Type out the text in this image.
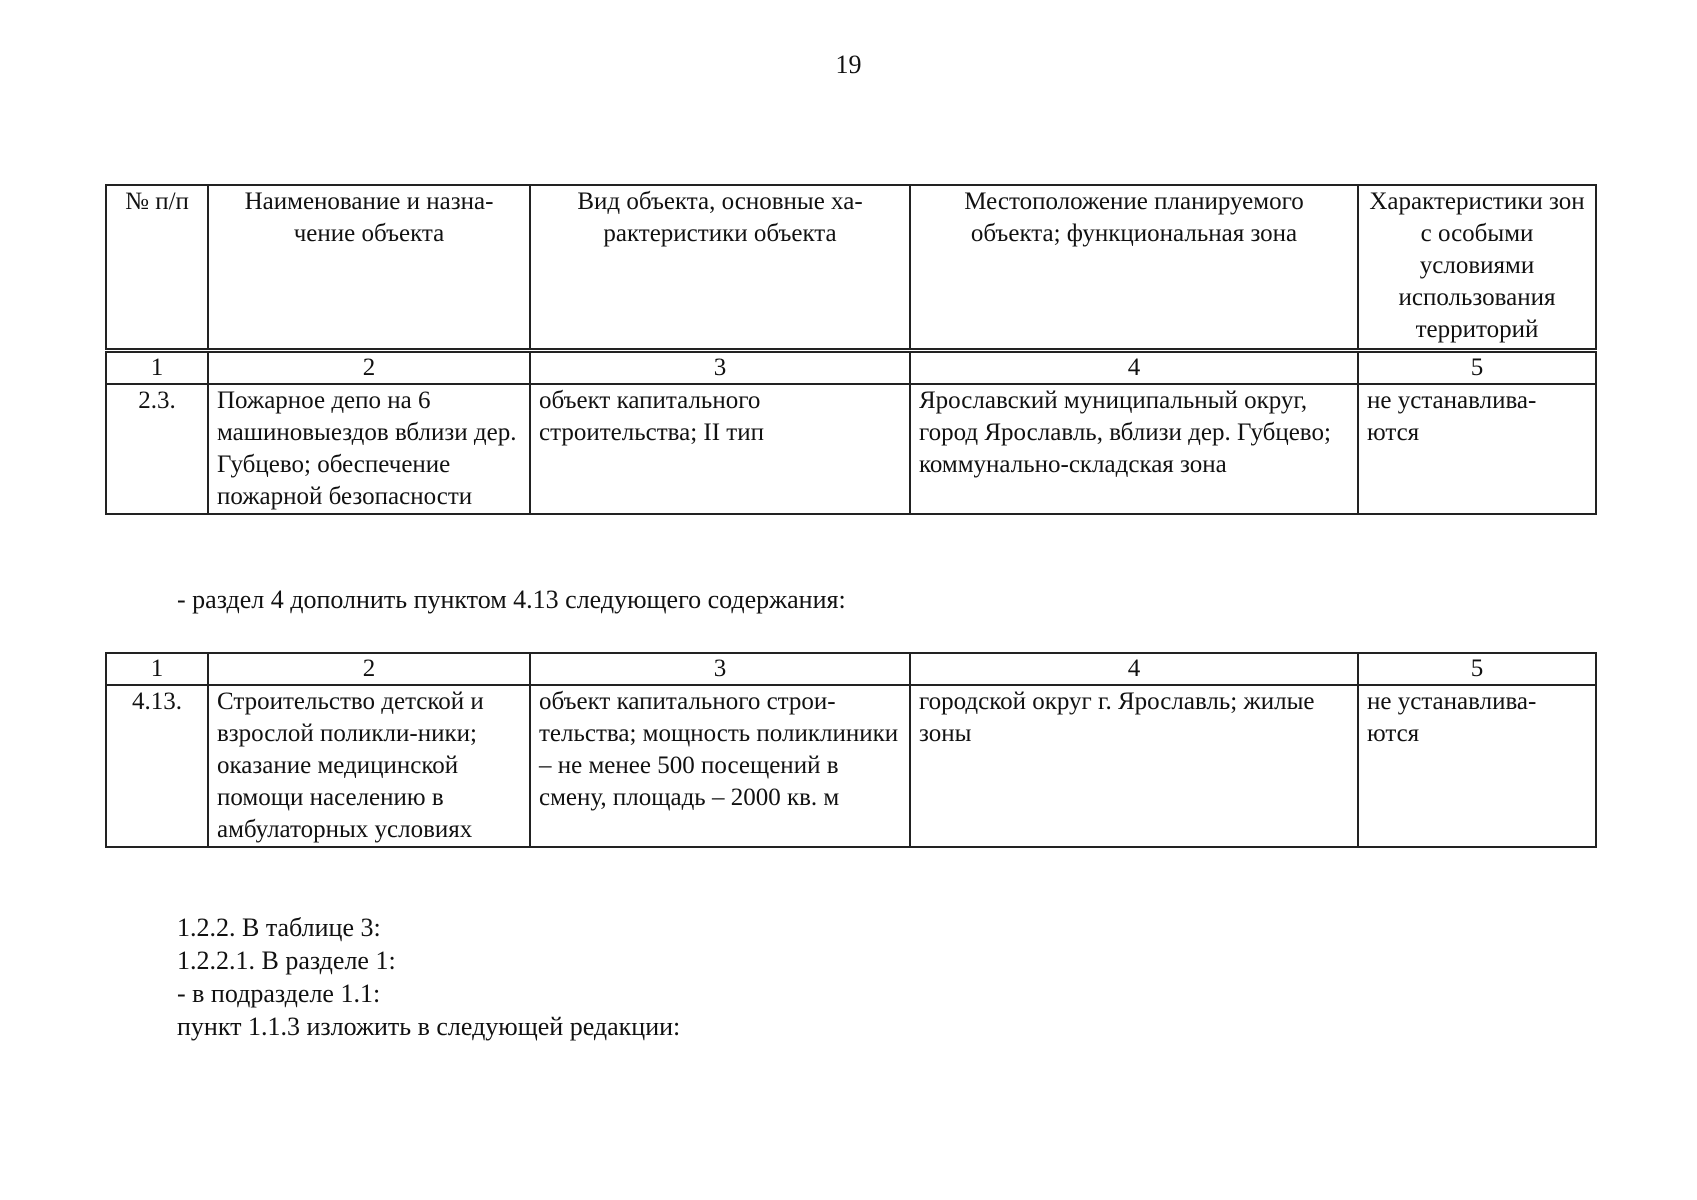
19
№ п/п	Наименование и назна-чение объекта	Вид объекта, основные ха-рактеристики объекта	Местоположение планируемого объекта; функциональная зона	Характеристики зон с особыми условиями использования территорий
1	2	3	4	5
2.3.	Пожарное депо на 6 машиновыездов вблизи дер. Губцево; обеспечение пожарной безопасности	объект капитального строительства; II тип	Ярославский муниципальный округ, город Ярославль, вблизи дер. Губцево; коммунально-складская зона	не устанавлива-ются
- раздел 4 дополнить пунктом 4.13 следующего содержания:
1	2	3	4	5
4.13.	Строительство детской и взрослой поликли-ники; оказание медицинской помощи населению в амбулаторных условиях	объект капитального строи-тельства; мощность поликлиники – не менее 500 посещений в смену, площадь – 2000 кв. м	городской округ г. Ярославль; жилые зоны	не устанавлива-ются
1.2.2. В таблице 3:
1.2.2.1. В разделе 1:
- в подразделе 1.1:
пункт 1.1.3 изложить в следующей редакции:
